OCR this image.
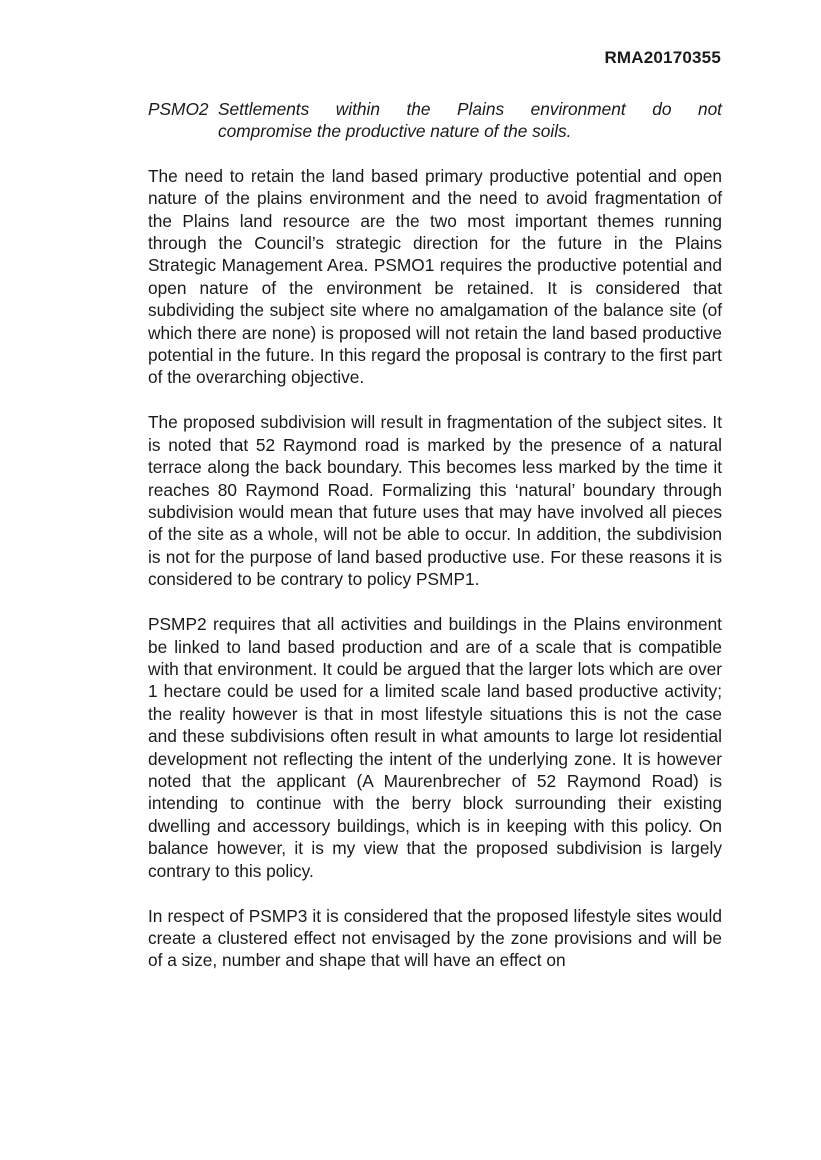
RMA20170355
PSMO2 Settlements within the Plains environment do not
compromise the productive nature of the soils.

The need to retain the land based primary productive potential and open nature of the plains environment and the need to avoid fragmentation of the Plains land resource are the two most important themes running through the Council’s strategic direction for the future in the Plains Strategic Management Area. PSMO1 requires the productive potential and open nature of the environment be retained. It is considered that subdividing the subject site where no amalgamation of the balance site (of which there are none) is proposed will not retain the land based productive potential in the future. In this regard the proposal is contrary to the first part of the overarching objective.

The proposed subdivision will result in fragmentation of the subject sites. It is noted that 52 Raymond road is marked by the presence of a natural terrace along the back boundary. This becomes less marked by the time it reaches 80 Raymond Road. Formalizing this ‘natural’ boundary through subdivision would mean that future uses that may have involved all pieces of the site as a whole, will not be able to occur. In addition, the subdivision is not for the purpose of land based productive use. For these reasons it is considered to be contrary to policy PSMP1.

PSMP2 requires that all activities and buildings in the Plains environment be linked to land based production and are of a scale that is compatible with that environment. It could be argued that the larger lots which are over 1 hectare could be used for a limited scale land based productive activity; the reality however is that in most lifestyle situations this is not the case and these subdivisions often result in what amounts to large lot residential development not reflecting the intent of the underlying zone. It is however noted that the applicant (A Maurenbrecher of 52 Raymond Road) is intending to continue with the berry block surrounding their existing dwelling and accessory buildings, which is in keeping with this policy. On balance however, it is my view that the proposed subdivision is largely contrary to this policy.

In respect of PSMP3 it is considered that the proposed lifestyle sites would create a clustered effect not envisaged by the zone provisions and will be of a size, number and shape that will have an effect on
